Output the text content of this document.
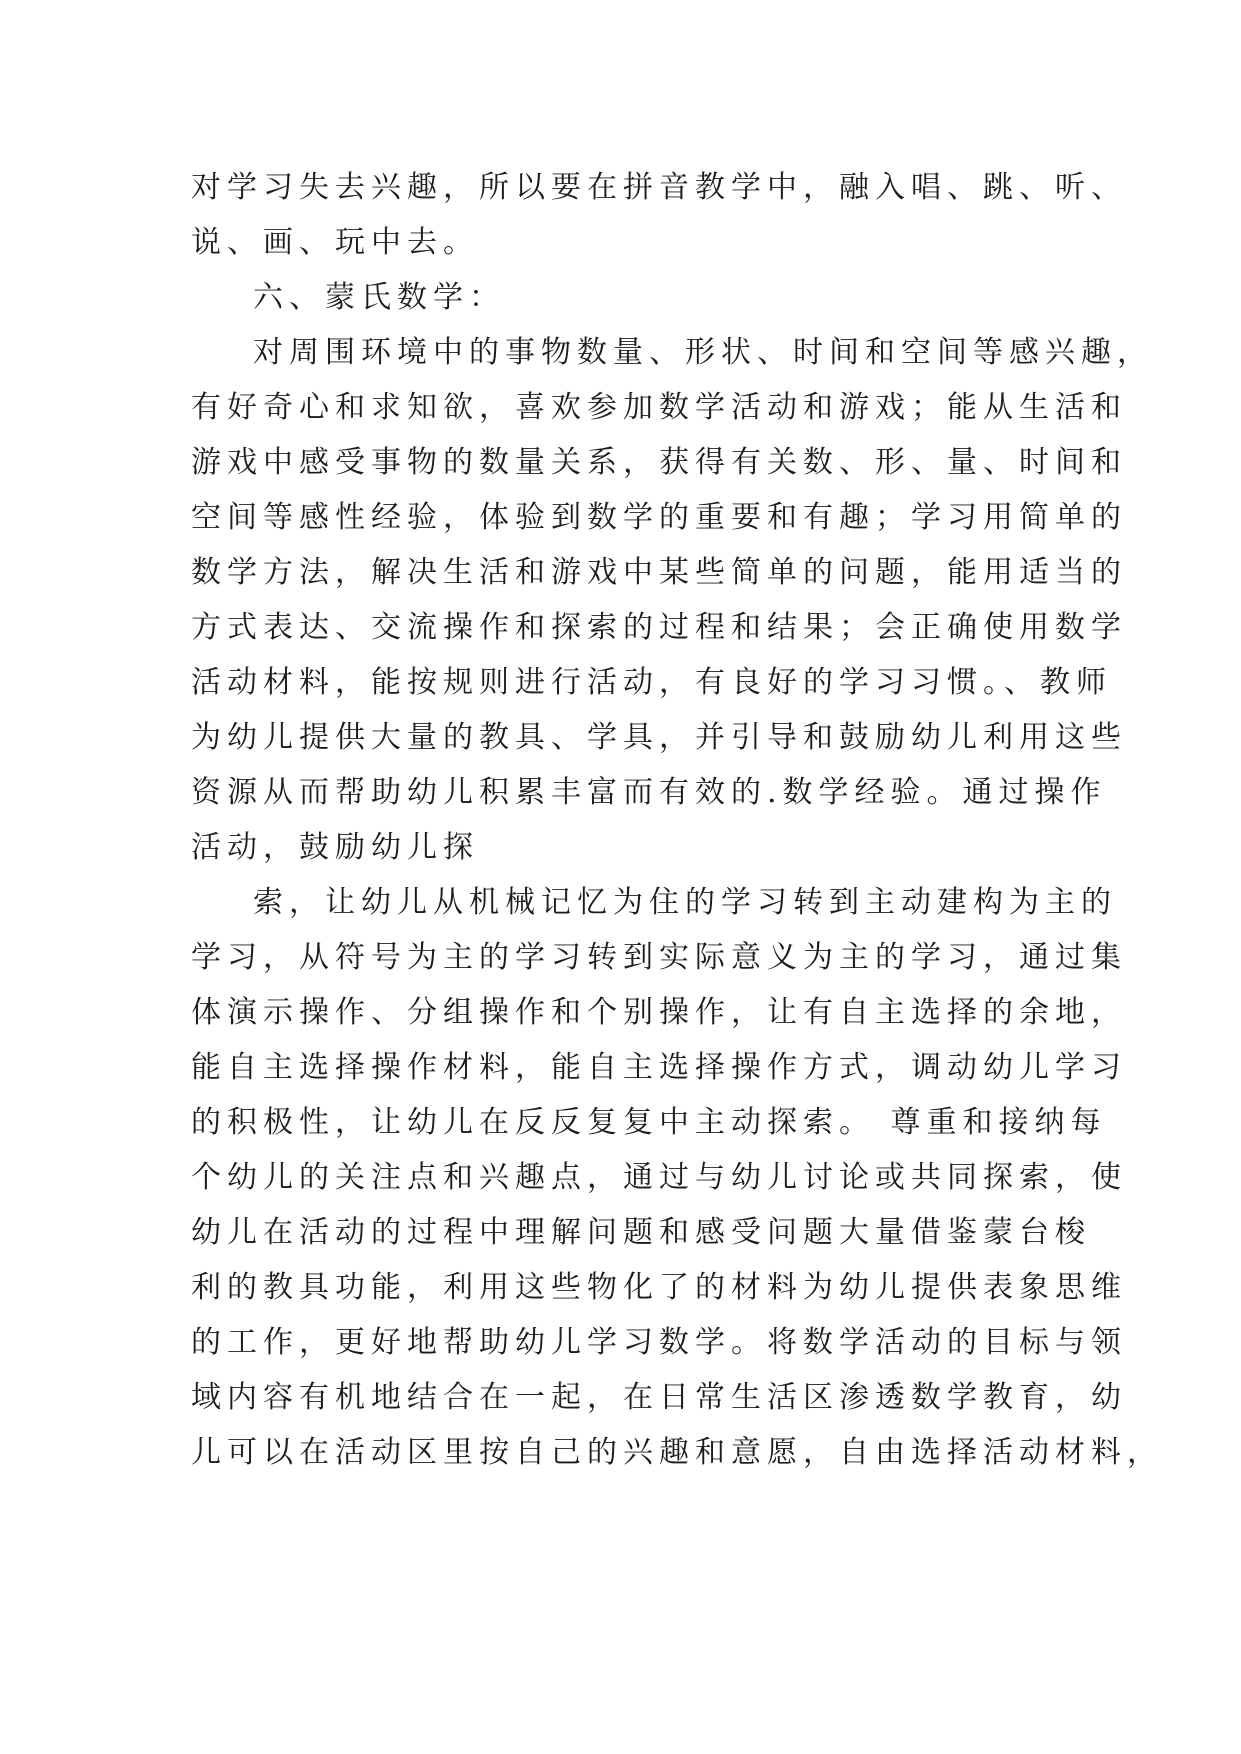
对学习失去兴趣，所以要在拼音教学中，融入唱、跳、听、
说、画、玩中去。
六、蒙氏数学：
对周围环境中的事物数量、形状、时间和空间等感兴趣，
有好奇心和求知欲，喜欢参加数学活动和游戏；能从生活和
游戏中感受事物的数量关系，获得有关数、形、量、时间和
空间等感性经验，体验到数学的重要和有趣；学习用简单的
数学方法，解决生活和游戏中某些简单的问题，能用适当的
方式表达、交流操作和探索的过程和结果；会正确使用数学
活动材料，能按规则进行活动，有良好的学习习惯。、教师
为幼儿提供大量的教具、学具，并引导和鼓励幼儿利用这些
资源从而帮助幼儿积累丰富而有效的.数学经验。通过操作
活动，鼓励幼儿探
索，让幼儿从机械记忆为住的学习转到主动建构为主的
学习，从符号为主的学习转到实际意义为主的学习，通过集
体演示操作、分组操作和个别操作，让有自主选择的余地，
能自主选择操作材料，能自主选择操作方式，调动幼儿学习
的积极性，让幼儿在反反复复中主动探索。 尊重和接纳每
个幼儿的关注点和兴趣点，通过与幼儿讨论或共同探索，使
幼儿在活动的过程中理解问题和感受问题大量借鉴蒙台梭
利的教具功能，利用这些物化了的材料为幼儿提供表象思维
的工作，更好地帮助幼儿学习数学。将数学活动的目标与领
域内容有机地结合在一起，在日常生活区渗透数学教育，幼
儿可以在活动区里按自己的兴趣和意愿，自由选择活动材料，
